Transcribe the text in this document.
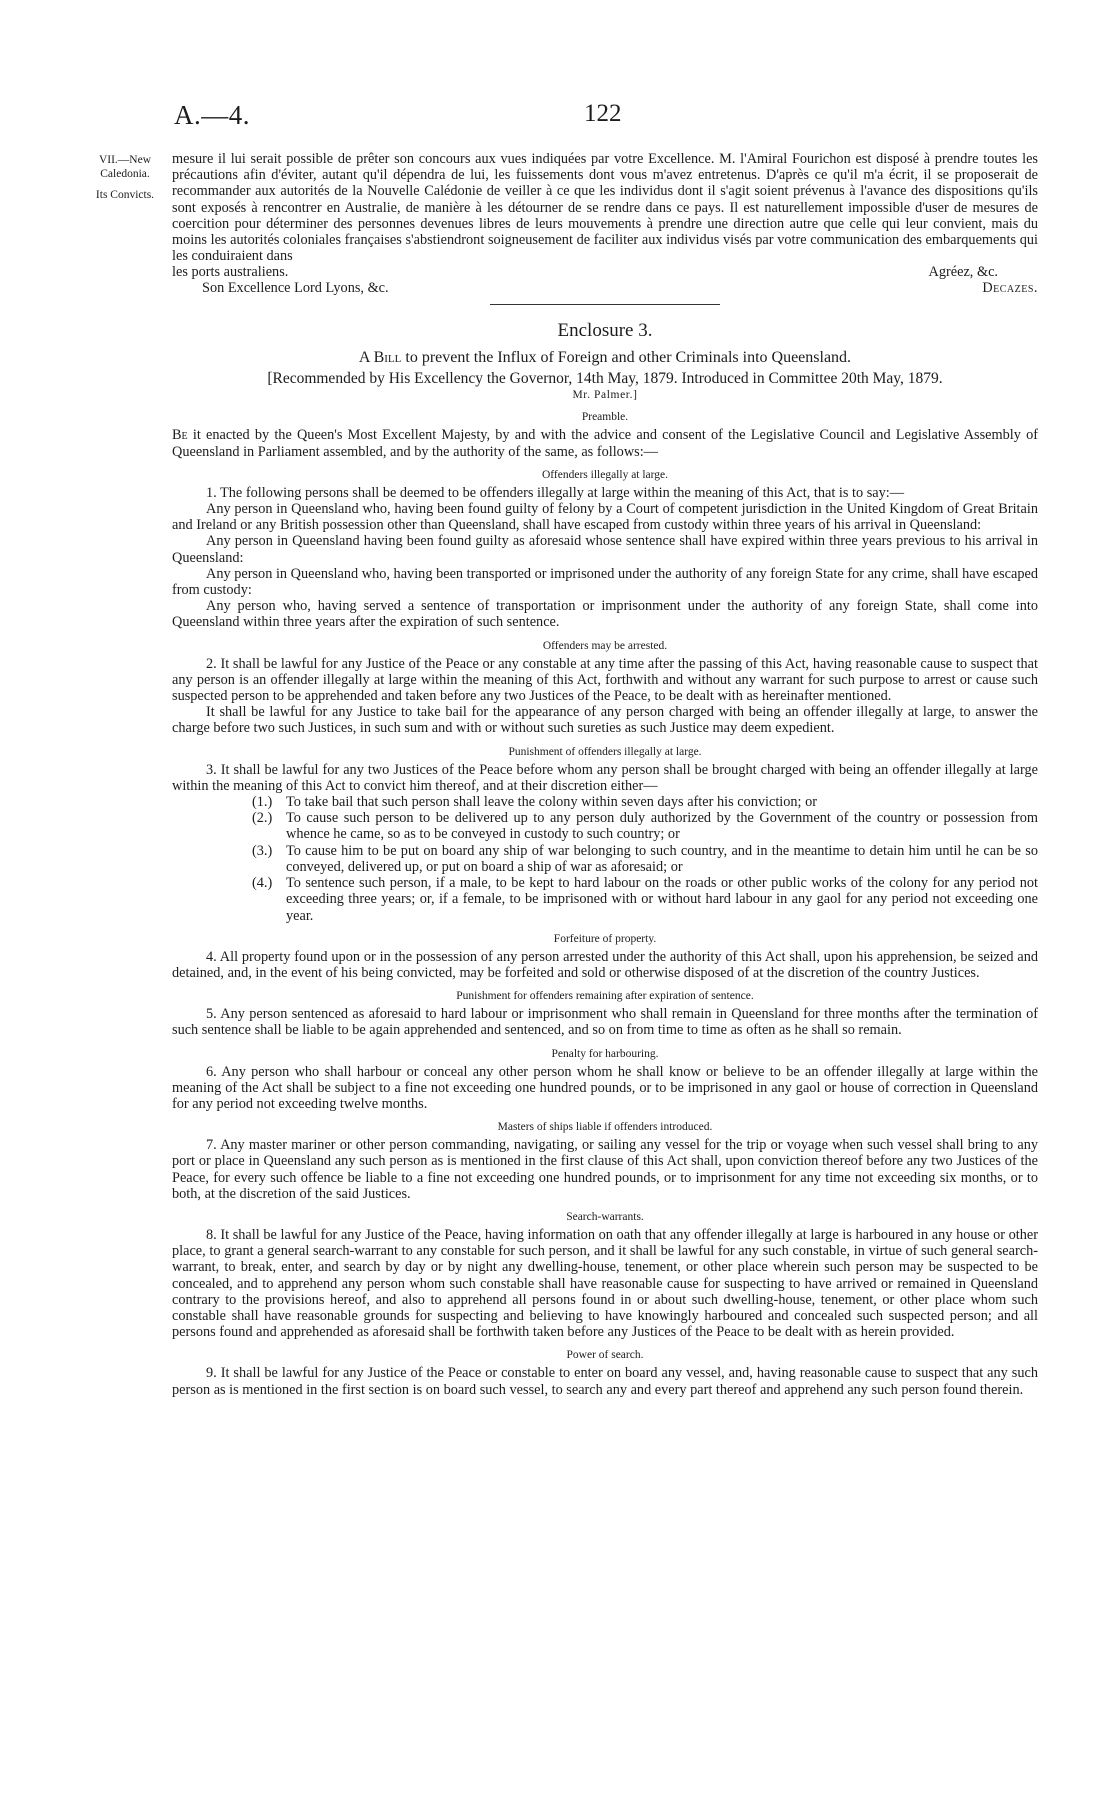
A.—4.	122
VII.—New Caledonia.
Its Convicts.

mesure il lui serait possible de prêter son concours aux vues indiquées par votre Excellence. M. l'Amiral Fourichon est disposé à prendre toutes les précautions afin d'éviter, autant qu'il dépendra de lui, les fuissements dont vous m'avez entretenus. D'après ce qu'il m'a écrit, il se proposerait de recommander aux autorités de la Nouvelle Calédonie de veiller à ce que les individus dont il s'agit soient prévenus à l'avance des dispositions qu'ils sont exposés à rencontrer en Australie, de manière à les détourner de se rendre dans ce pays. Il est naturellement impossible d'user de mesures de coercition pour déterminer des personnes devenues libres de leurs mouvements à prendre une direction autre que celle qui leur convient, mais du moins les autorités coloniales françaises s'abstiendront soigneusement de faciliter aux individus visés par votre communication des embarquements qui les conduiraient dans

les ports australiens.	Agréez, &c.
Son Excellence Lord Lyons, &c.	Decazes.
Enclosure 3.
A Bill to prevent the Influx of Foreign and other Criminals into Queensland.
[Recommended by His Excellency the Governor, 14th May, 1879. Introduced in Committee 20th May, 1879.
Mr. Palmer.]
Preamble.

Be it enacted by the Queen's Most Excellent Majesty, by and with the advice and consent of the Legislative Council and Legislative Assembly of Queensland in Parliament assembled, and by the authority of the same, as follows:—

Offenders illegally at large.

1. The following persons shall be deemed to be offenders illegally at large within the meaning of this Act, that is to say:—

Any person in Queensland who, having been found guilty of felony by a Court of competent jurisdiction in the United Kingdom of Great Britain and Ireland or any British possession other than Queensland, shall have escaped from custody within three years of his arrival in Queensland:

Any person in Queensland having been found guilty as aforesaid whose sentence shall have expired within three years previous to his arrival in Queensland:

Any person in Queensland who, having been transported or imprisoned under the authority of any foreign State for any crime, shall have escaped from custody:

Any person who, having served a sentence of transportation or imprisonment under the authority of any foreign State, shall come into Queensland within three years after the expiration of such sentence.

Offenders may be arrested.

2. It shall be lawful for any Justice of the Peace or any constable at any time after the passing of this Act, having reasonable cause to suspect that any person is an offender illegally at large within the meaning of this Act, forthwith and without any warrant for such purpose to arrest or cause such suspected person to be apprehended and taken before any two Justices of the Peace, to be dealt with as hereinafter mentioned.

It shall be lawful for any Justice to take bail for the appearance of any person charged with being an offender illegally at large, to answer the charge before two such Justices, in such sum and with or without such sureties as such Justice may deem expedient.

Punishment of offenders illegally at large.

3. It shall be lawful for any two Justices of the Peace before whom any person shall be brought charged with being an offender illegally at large within the meaning of this Act to convict him thereof, and at their discretion either—

(1.) To take bail that such person shall leave the colony within seven days after his conviction; or
(2.) To cause such person to be delivered up to any person duly authorized by the Government of the country or possession from whence he came, so as to be conveyed in custody to such country; or
(3.) To cause him to be put on board any ship of war belonging to such country, and in the meantime to detain him until he can be so conveyed, delivered up, or put on board a ship of war as aforesaid; or
(4.) To sentence such person, if a male, to be kept to hard labour on the roads or other public works of the colony for any period not exceeding three years; or, if a female, to be imprisoned with or without hard labour in any gaol for any period not exceeding one year.
Forfeiture of property.

4. All property found upon or in the possession of any person arrested under the authority of this Act shall, upon his apprehension, be seized and detained, and, in the event of his being convicted, may be forfeited and sold or otherwise disposed of at the discretion of the country Justices.

Punishment for offenders remaining after expiration of sentence.

5. Any person sentenced as aforesaid to hard labour or imprisonment who shall remain in Queensland for three months after the termination of such sentence shall be liable to be again apprehended and sentenced, and so on from time to time as often as he shall so remain.

Penalty for harbouring.

6. Any person who shall harbour or conceal any other person whom he shall know or believe to be an offender illegally at large within the meaning of the Act shall be subject to a fine not exceeding one hundred pounds, or to be imprisoned in any gaol or house of correction in Queensland for any period not exceeding twelve months.

Masters of ships liable if offenders introduced.

7. Any master mariner or other person commanding, navigating, or sailing any vessel for the trip or voyage when such vessel shall bring to any port or place in Queensland any such person as is mentioned in the first clause of this Act shall, upon conviction thereof before any two Justices of the Peace, for every such offence be liable to a fine not exceeding one hundred pounds, or to imprisonment for any time not exceeding six months, or to both, at the discretion of the said Justices.

Search-warrants.

8. It shall be lawful for any Justice of the Peace, having information on oath that any offender illegally at large is harboured in any house or other place, to grant a general search-warrant to any constable for such person, and it shall be lawful for any such constable, in virtue of such general search-warrant, to break, enter, and search by day or by night any dwelling-house, tenement, or other place wherein such person may be suspected to be concealed, and to apprehend any person whom such constable shall have reasonable cause for suspecting to have arrived or remained in Queensland contrary to the provisions hereof, and also to apprehend all persons found in or about such dwelling-house, tenement, or other place whom such constable shall have reasonable grounds for suspecting and believing to have knowingly harboured and concealed such suspected person; and all persons found and apprehended as aforesaid shall be forthwith taken before any Justices of the Peace to be dealt with as herein provided.

Power of search.

9. It shall be lawful for any Justice of the Peace or constable to enter on board any vessel, and, having reasonable cause to suspect that any such person as is mentioned in the first section is on board such vessel, to search any and every part thereof and apprehend any such person found therein.
